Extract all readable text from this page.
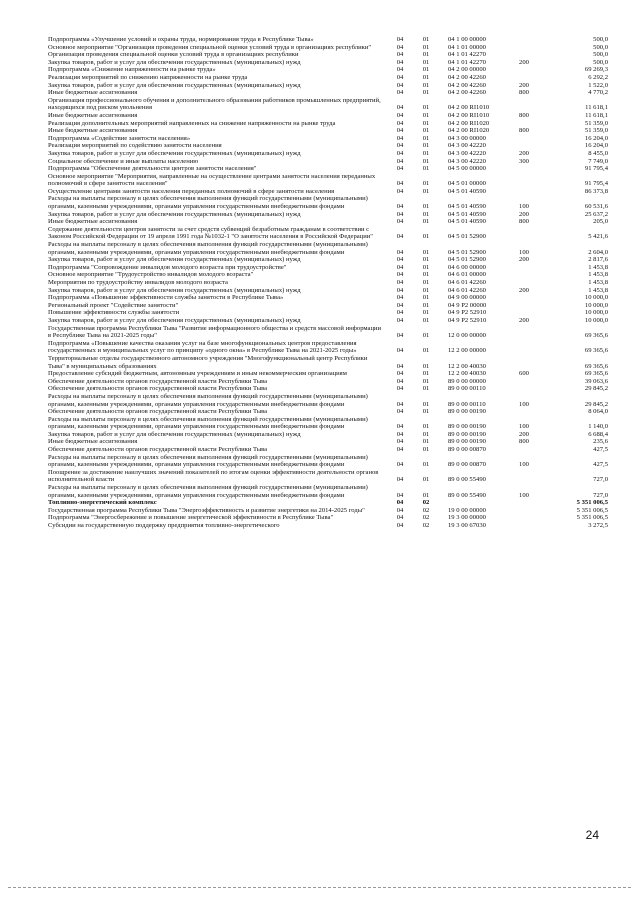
Подпрограмма «Улучшение условий и охраны труда, нормирования труда в Республике Тыва»	04	01	04 1 00 00000	500,0
Основное мероприятие "Организация проведения специальной оценки условий труда в организациях республики"	04	01	04 1 01 00000	500,0
Организация проведения специальной оценки условий труда в организациях республики	04	01	04 1 01 42270	500,0
Закупка товаров, работ и услуг для обеспечения государственных (муниципальных) нужд	04	01	04 1 01 42270	200	500,0
Подпрограмма «Снижение напряженности на рынке труда»	04	01	04 2 00 00000	69 269,3
Реализация мероприятий по снижению напряженности на рынке труда	04	01	04 2 00 42260	6 292,2
Закупка товаров, работ и услуг для обеспечения государственных (муниципальных) нужд	04	01	04 2 00 42260	200	1 522,0
Иные бюджетные ассигнования	04	01	04 2 00 42260	800	4 770,2
Организация профессионального обучения и дополнительного образования работников промышленных предприятий, находящихся под риском увольнения	04	01	04 2 00 RI1010	11 618,1
Иные бюджетные ассигнования	04	01	04 2 00 RI1010	800	11 618,1
Реализация дополнительных мероприятий направленных на снижение напряженности на рынке труда	04	01	04 2 00 RI1020	51 359,0
Иные бюджетные ассигнования	04	01	04 2 00 RI1020	800	51 359,0
Подпрограмма «Содействие занятости населения»	04	01	04 3 00 00000	16 204,0
Реализация мероприятий по содействию занятости населения	04	01	04 3 00 42220	16 204,0
Закупка товаров, работ и услуг для обеспечения государственных (муниципальных) нужд	04	01	04 3 00 42220	200	8 455,0
Социальное обеспечение и иные выплаты населению	04	01	04 3 00 42220	300	7 749,0
Подпрограмма "Обеспечение деятельности центров занятости населения"	04	01	04 5 00 00000	91 795,4
Основное мероприятие "Мероприятия, направленные на осуществление центрами занятости населения переданных полномочий в сфере занятости населения"	04	01	04 5 01 00000	91 795,4
Осуществление центрами занятости населения переданных полномочий в сфере занятости населения	04	01	04 5 01 40590	86 373,8
Расходы на выплаты персоналу в целях обеспечения выполнения функций государственными (муниципальными) органами, казенными учреждениями, органами управления государственными внебюджетными фондами	04	01	04 5 01 40590	100	60 531,6
Закупка товаров, работ и услуг для обеспечения государственных (муниципальных) нужд	04	01	04 5 01 40590	200	25 637,2
Иные бюджетные ассигнования	04	01	04 5 01 40590	800	205,0
Содержание деятельности центров занятости за счет средств субвенций безработным гражданам в соответствии с Законом Российской Федерации от 19 апреля 1991 года №1032-1 "О занятости населения в Российской Федерации"	04	01	04 5 01 52900	5 421,6
Расходы на выплаты персоналу в целях обеспечения выполнения функций государственными (муниципальными) органами, казенными учреждениями, органами управления государственными внебюджетными фондами	04	01	04 5 01 52900	100	2 604,0
Закупка товаров, работ и услуг для обеспечения государственных (муниципальных) нужд	04	01	04 5 01 52900	200	2 817,6
Подпрограмма "Сопровождение инвалидов молодого возраста при трудоустройстве"	04	01	04 6 00 00000	1 453,8
Основное мероприятие "Трудоустройство инвалидов молодого возраста"	04	01	04 6 01 00000	1 453,8
Мероприятия по трудоустройству инвалидов молодого возраста	04	01	04 6 01 42260	1 453,8
Закупка товаров, работ и услуг для обеспечения государственных (муниципальных) нужд	04	01	04 6 01 42260	200	1 453,8
Подпрограмма «Повышение эффективности службы занятости в Республике Тыва»	04	01	04 9 00 00000	10 000,0
Региональный проект "Содействие занятости"	04	01	04 9 P2 00000	10 000,0
Повышение эффективности службы занятости	04	01	04 9 P2 52910	10 000,0
Закупка товаров, работ и услуг для обеспечения государственных (муниципальных) нужд	04	01	04 9 P2 52910	200	10 000,0
Государственная программа Республики Тыва "Развитие информационного общества и средств массовой информации в Республике Тыва на 2021-2025 годы"	04	01	12 0 00 00000	69 365,6
Подпрограмма «Повышение качества оказания услуг на базе многофункциональных центров предоставления государственных и муниципальных услуг по принципу «одного окна» в Республике Тыва на 2021-2025 годы»	04	01	12 2 00 00000	69 365,6
Территориальные отделы государственного автономного учреждения "Многофункциональный центр Республики Тыва" в муниципальных образованиях	04	01	12 2 00 40030	69 365,6
Предоставление субсидий бюджетным, автономным учреждениям и иным некоммерческим организациям	04	01	12 2 00 40030	600	69 365,6
Обеспечение деятельности органов государственной власти Республики Тыва	04	01	89 0 00 00000	39 063,6
Обеспечение деятельности органов государственной власти Республики Тыва	04	01	89 0 00 00110	29 845,2
Расходы на выплаты персоналу в целях обеспечения выполнения функций государственными (муниципальными) органами, казенными учреждениями, органами управления государственными внебюджетными фондами	04	01	89 0 00 00110	100	29 845,2
Обеспечение деятельности органов государственной власти Республики Тыва	04	01	89 0 00 00190	8 064,0
Расходы на выплаты персоналу в целях обеспечения выполнения функций государственными (муниципальными) органами, казенными учреждениями, органами управления государственными внебюджетными фондами	04	01	89 0 00 00190	100	1 140,0
Закупка товаров, работ и услуг для обеспечения государственных (муниципальных) нужд	04	01	89 0 00 00190	200	6 688,4
Иные бюджетные ассигнования	04	01	89 0 00 00190	800	235,6
Обеспечение деятельности органов государственной власти Республики Тыва	04	01	89 0 00 00870	427,5
Расходы на выплаты персоналу в целях обеспечения выполнения функций государственными (муниципальными) органами, казенными учреждениями, органами управления государственными внебюджетными фондами	04	01	89 0 00 00870	100	427,5
Поощрение за достижение наилучших значений показателей по итогам оценки эффективности деятельности органов исполнительной власти	04	01	89 0 00 55490	727,0
Расходы на выплаты персоналу в целях обеспечения выполнения функций государственными (муниципальными) органами, казенными учреждениями, органами управления государственными внебюджетными фондами	04	01	89 0 00 55490	100	727,0
Топливно-энергетический комплекс	04	02	5 351 006,5
Государственная программа Республики Тыва "Энергоэффективность и развитие энергетики на 2014-2025 годы"	04	02	19 0 00 00000	5 351 006,5
Подпрограмма "Энергосбережение и повышение энергетической эффективности в Республике Тыва"	04	02	19 3 00 00000	5 351 006,5
Субсидии на государственную поддержку предприятия топливно-энергетического	04	02	19 3 00 67030	3 272,5
24
